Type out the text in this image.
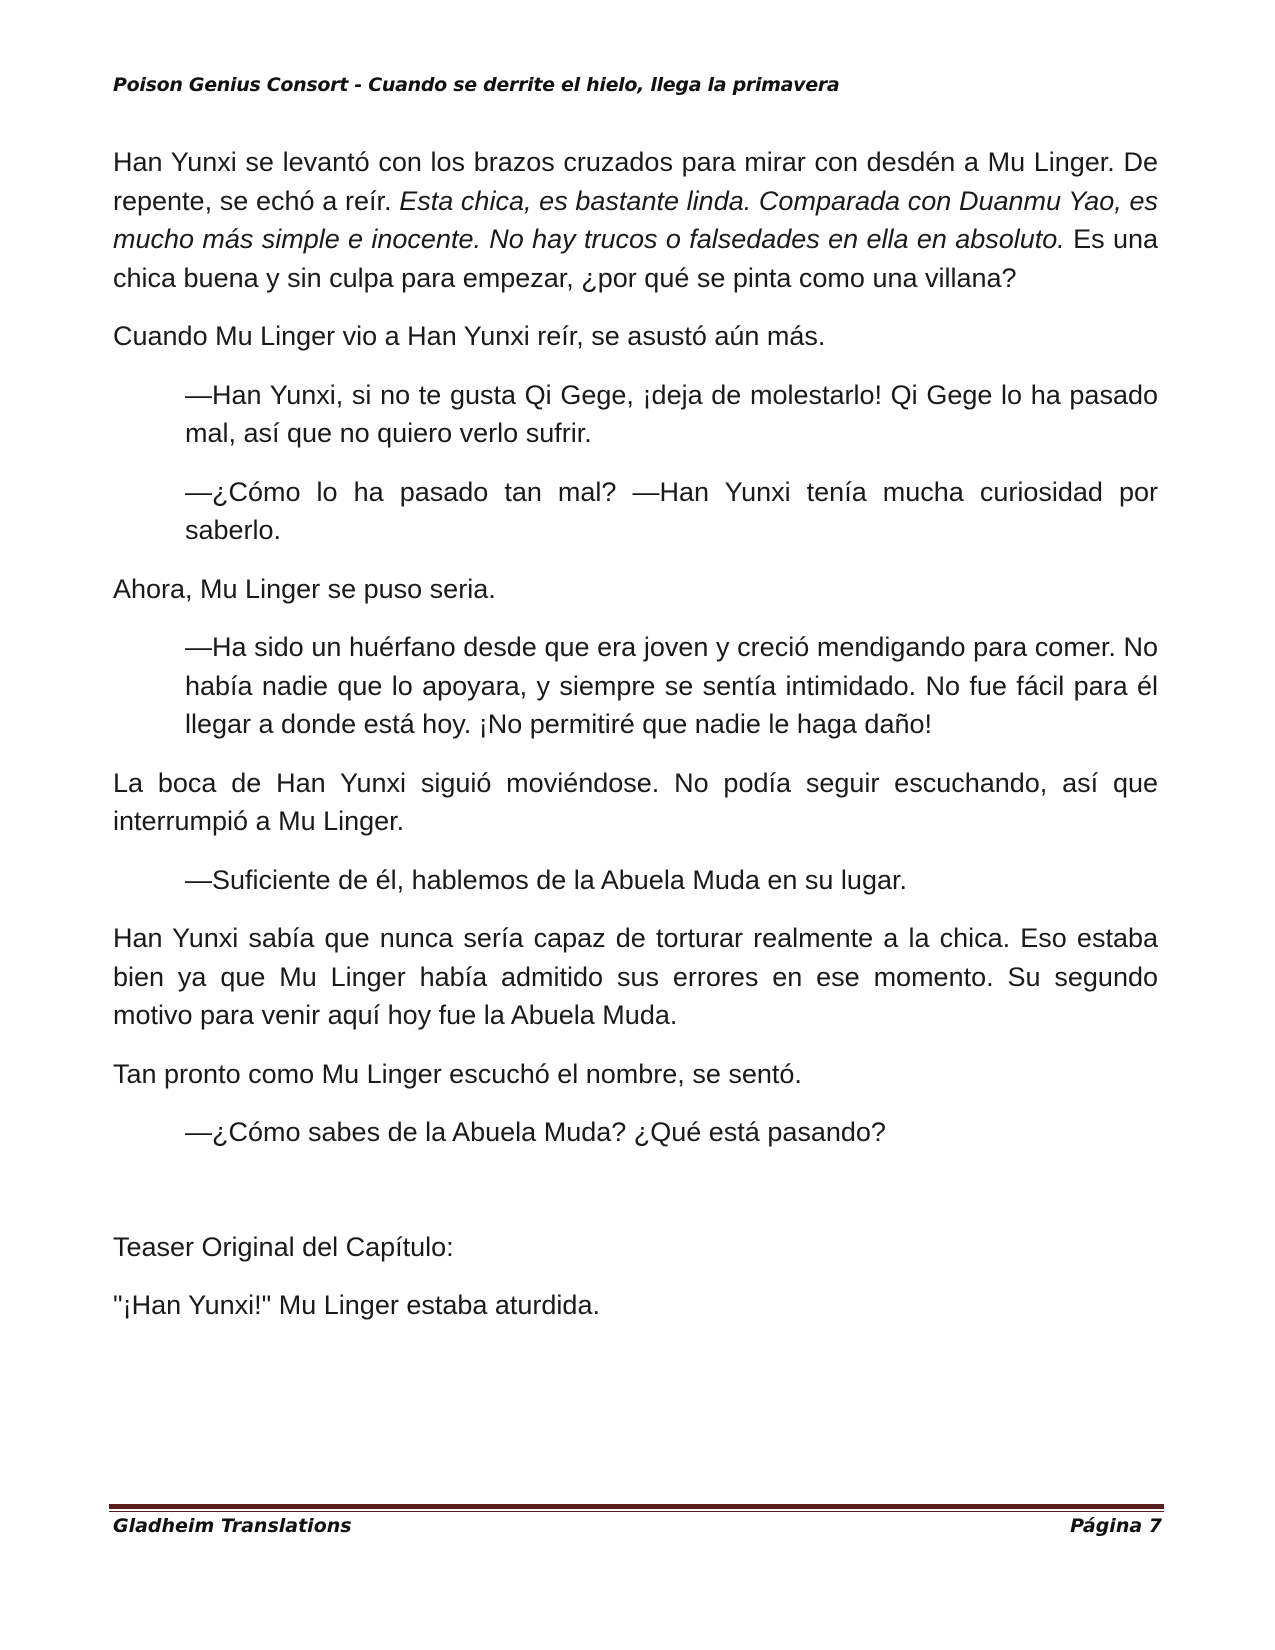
Poison Genius Consort - Cuando se derrite el hielo, llega la primavera

Han Yunxi se levantó con los brazos cruzados para mirar con desdén a Mu Linger. De repente, se echó a reír. Esta chica, es bastante linda. Comparada con Duanmu Yao, es mucho más simple e inocente. No hay trucos o falsedades en ella en absoluto. Es una chica buena y sin culpa para empezar, ¿por qué se pinta como una villana?

Cuando Mu Linger vio a Han Yunxi reír, se asustó aún más.

—Han Yunxi, si no te gusta Qi Gege, ¡deja de molestarlo! Qi Gege lo ha pasado mal, así que no quiero verlo sufrir.

—¿Cómo lo ha pasado tan mal? —Han Yunxi tenía mucha curiosidad por saberlo.

Ahora, Mu Linger se puso seria.

—Ha sido un huérfano desde que era joven y creció mendigando para comer. No había nadie que lo apoyara, y siempre se sentía intimidado. No fue fácil para él llegar a donde está hoy. ¡No permitiré que nadie le haga daño!

La boca de Han Yunxi siguió moviéndose. No podía seguir escuchando, así que interrumpió a Mu Linger.

—Suficiente de él, hablemos de la Abuela Muda en su lugar.

Han Yunxi sabía que nunca sería capaz de torturar realmente a la chica. Eso estaba bien ya que Mu Linger había admitido sus errores en ese momento. Su segundo motivo para venir aquí hoy fue la Abuela Muda.

Tan pronto como Mu Linger escuchó el nombre, se sentó.

—¿Cómo sabes de la Abuela Muda? ¿Qué está pasando?

Teaser Original del Capítulo:

"¡Han Yunxi!" Mu Linger estaba aturdida.

Gladheim Translations	Página 7
